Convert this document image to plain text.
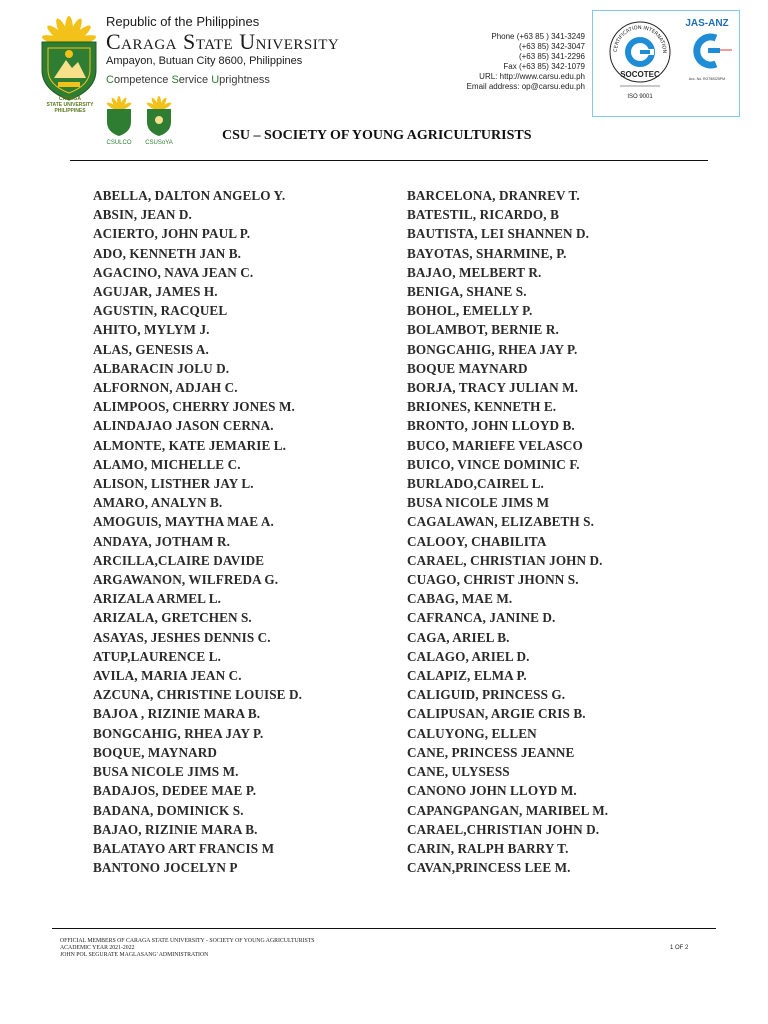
CARAGA
STATE UNIVERSITY
PHILIPPINES
Republic of the Philippines
Caraga State University
Ampayon, Butuan City 8600, Philippines
Competence Service Uprightness
Phone (+63 85 ) 341-3249
(+63 85) 342-3047
(+63 85) 341-2296
Fax (+63 85) 342-1079
URL: http://www.carsu.edu.ph
Email address: op@carsu.edu.ph
CERTIFICATION INTERNATION
SOCOTEC
ISO 9001
JAS-ANZ
Acc. No. RG750025PM
CSULCO CSUSoYA	CSU – SOCIETY OF YOUNG AGRICULTURISTS
ABELLA, DALTON ANGELO Y.
ABSIN, JEAN D.
ACIERTO, JOHN PAUL P.
ADO, KENNETH JAN B.
AGACINO, NAVA JEAN C.
AGUJAR, JAMES H.
AGUSTIN, RACQUEL
AHITO, MYLYM J.
ALAS, GENESIS A.
ALBARACIN JOLU D.
ALFORNON, ADJAH C.
ALIMPOOS, CHERRY JONES M.
ALINDAJAO JASON CERNA.
ALMONTE, KATE JEMARIE L.
ALAMO, MICHELLE C.
ALISON, LISTHER JAY L.
AMARO, ANALYN B.
AMOGUIS, MAYTHA MAE A.
ANDAYA, JOTHAM R.
ARCILLA,CLAIRE DAVIDE
ARGAWANON, WILFREDA G.
ARIZALA ARMEL L.
ARIZALA, GRETCHEN S.
ASAYAS, JESHES DENNIS C.
ATUP,LAURENCE L.
AVILA, MARIA JEAN C.
AZCUNA, CHRISTINE LOUISE D.
BAJOA , RIZINIE MARA B.
BONGCAHIG, RHEA JAY P.
BOQUE, MAYNARD
BUSA NICOLE JIMS M.
BADAJOS, DEDEE MAE P.
BADANA, DOMINICK S.
BAJAO, RIZINIE MARA B.
BALATAYO ART FRANCIS M
BANTONO JOCELYN P
BARCELONA, DRANREV T.
BATESTIL, RICARDO, B
BAUTISTA, LEI SHANNEN D.
BAYOTAS, SHARMINE, P.
BAJAO, MELBERT R.
BENIGA, SHANE S.
BOHOL, EMELLY P.
BOLAMBOT, BERNIE R.
BONGCAHIG, RHEA JAY P.
BOQUE MAYNARD
BORJA, TRACY JULIAN M.
BRIONES, KENNETH E.
BRONTO, JOHN LLOYD B.
BUCO, MARIEFE VELASCO
BUICO, VINCE DOMINIC F.
BURLADO,CAIREL L.
BUSA NICOLE JIMS M
CAGALAWAN, ELIZABETH S.
CALOOY, CHABILITA
CARAEL, CHRISTIAN JOHN D.
CUAGO, CHRIST JHONN S.
CABAG, MAE M.
CAFRANCA, JANINE D.
CAGA, ARIEL B.
CALAGO, ARIEL D.
CALAPIZ, ELMA P.
CALIGUID, PRINCESS G.
CALIPUSAN, ARGIE CRIS B.
CALUYONG, ELLEN
CANE, PRINCESS JEANNE
CANE, ULYSESS
CANONO JOHN LLOYD M.
CAPANGPANGAN, MARIBEL M.
CARAEL,CHRISTIAN JOHN D.
CARIN, RALPH BARRY T.
CAVAN,PRINCESS LEE M.
OFFICIAL MEMBERS OF CARAGA STATE UNIVERSITY - SOCIETY OF YOUNG AGRICULTURISTS
ACADEMIC YEAR 2021-2022
JOHN POL SEGURATE MAGLASANG' ADMINISTRATION
1 OF 2
